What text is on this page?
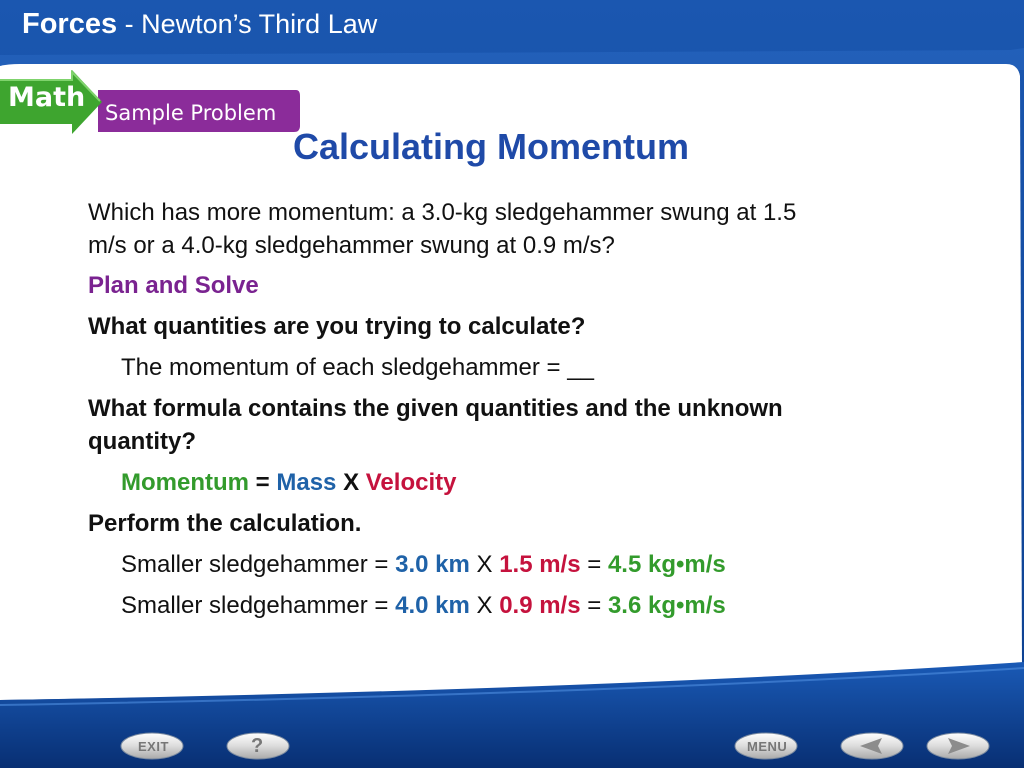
Forces - Newton’s Third Law
Math Sample Problem
Calculating Momentum
Which has more momentum: a 3.0-kg sledgehammer swung at 1.5
m/s or a 4.0-kg sledgehammer swung at 0.9 m/s?
Plan and Solve
What quantities are you trying to calculate?
The momentum of each sledgehammer = __
What formula contains the given quantities and the unknown
quantity?
Momentum = Mass X Velocity
Perform the calculation.
Smaller sledgehammer = 3.0 km X 1.5 m/s = 4.5 kg•m/s
Smaller sledgehammer = 4.0 km X 0.9 m/s = 3.6 kg•m/s
EXIT	?	MENU
